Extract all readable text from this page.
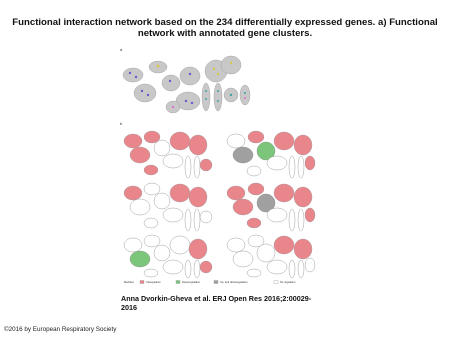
Functional interaction network based on the 234 differentially expressed genes. a) Functional network with annotated gene clusters.
a
b
Modules	Upregulation	Downregulation	Up- and downregulation	No regulation
Anna Dvorkin-Gheva et al. ERJ Open Res 2016;2:00029-2016
©2016 by European Respiratory Society
